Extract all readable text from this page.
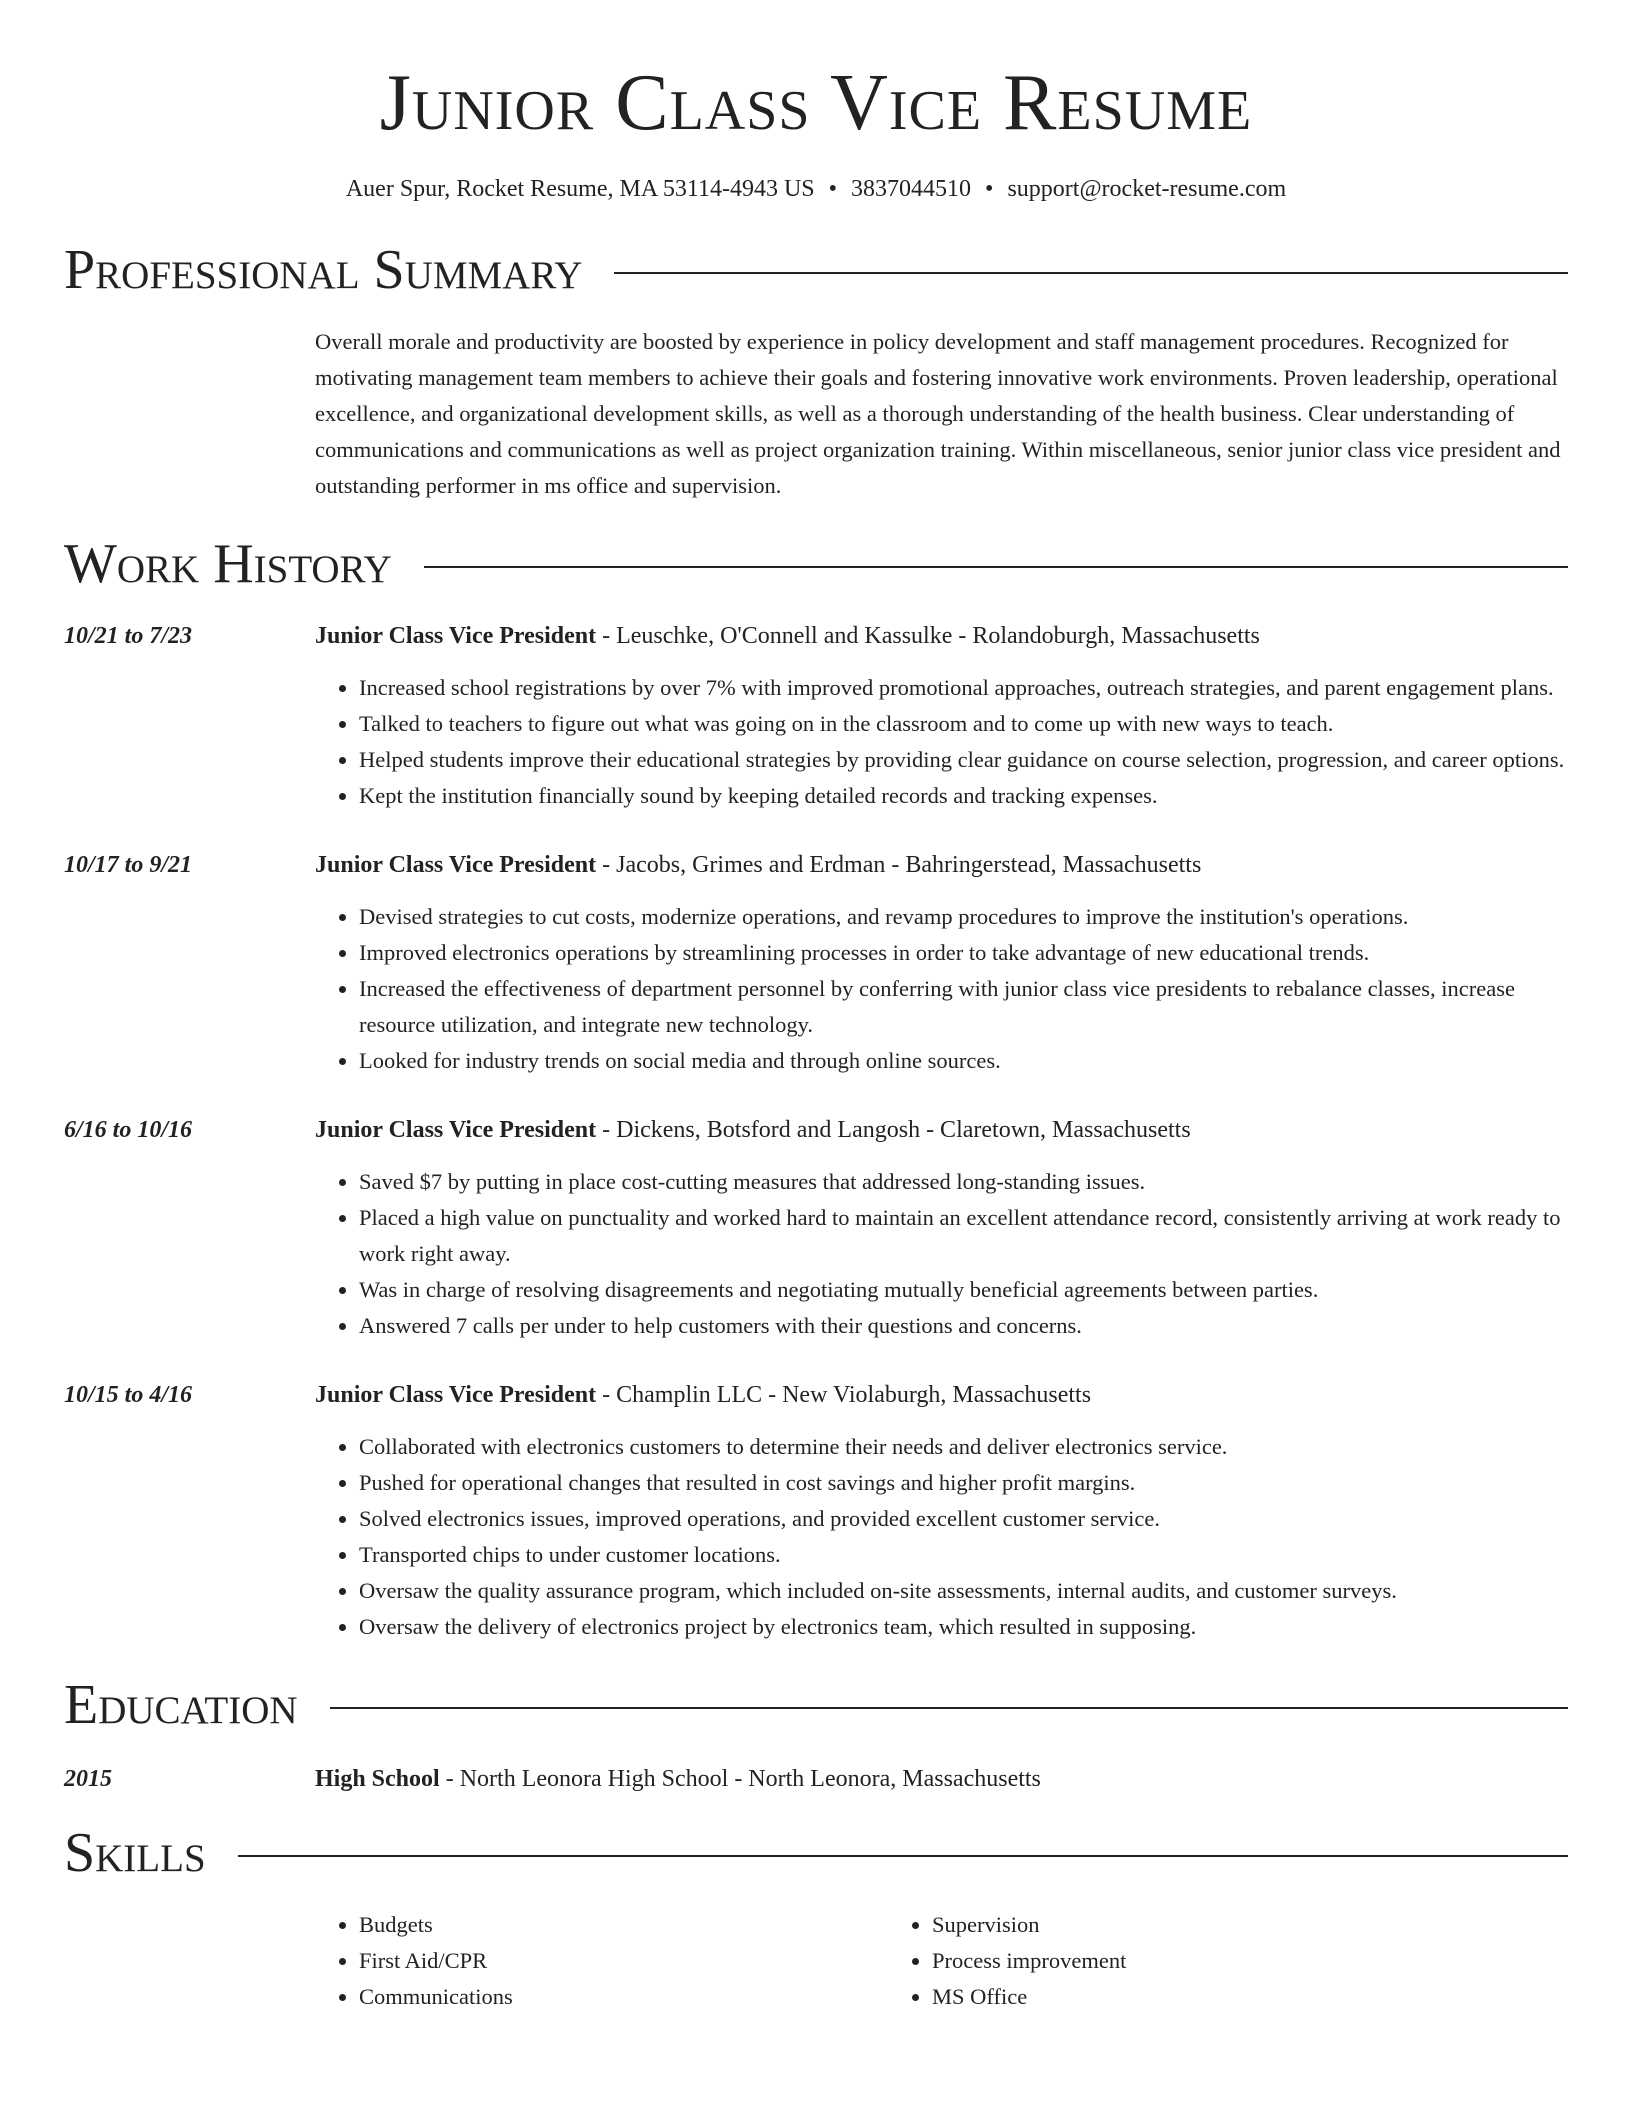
Junior Class Vice Resume
Auer Spur, Rocket Resume, MA 53114-4943 US • 3837044510 • support@rocket-resume.com
Professional Summary
Overall morale and productivity are boosted by experience in policy development and staff management procedures. Recognized for motivating management team members to achieve their goals and fostering innovative work environments. Proven leadership, operational excellence, and organizational development skills, as well as a thorough understanding of the health business. Clear understanding of communications and communications as well as project organization training. Within miscellaneous, senior junior class vice president and outstanding performer in ms office and supervision.
Work History
10/21 to 7/23	Junior Class Vice President - Leuschke, O'Connell and Kassulke - Rolandoburgh, Massachusetts
• Increased school registrations by over 7% with improved promotional approaches, outreach strategies, and parent engagement plans.
• Talked to teachers to figure out what was going on in the classroom and to come up with new ways to teach.
• Helped students improve their educational strategies by providing clear guidance on course selection, progression, and career options.
• Kept the institution financially sound by keeping detailed records and tracking expenses.
10/17 to 9/21	Junior Class Vice President - Jacobs, Grimes and Erdman - Bahringerstead, Massachusetts
• Devised strategies to cut costs, modernize operations, and revamp procedures to improve the institution's operations.
• Improved electronics operations by streamlining processes in order to take advantage of new educational trends.
• Increased the effectiveness of department personnel by conferring with junior class vice presidents to rebalance classes, increase resource utilization, and integrate new technology.
• Looked for industry trends on social media and through online sources.
6/16 to 10/16	Junior Class Vice President - Dickens, Botsford and Langosh - Claretown, Massachusetts
• Saved $7 by putting in place cost-cutting measures that addressed long-standing issues.
• Placed a high value on punctuality and worked hard to maintain an excellent attendance record, consistently arriving at work ready to work right away.
• Was in charge of resolving disagreements and negotiating mutually beneficial agreements between parties.
• Answered 7 calls per under to help customers with their questions and concerns.
10/15 to 4/16	Junior Class Vice President - Champlin LLC - New Violaburgh, Massachusetts
• Collaborated with electronics customers to determine their needs and deliver electronics service.
• Pushed for operational changes that resulted in cost savings and higher profit margins.
• Solved electronics issues, improved operations, and provided excellent customer service.
• Transported chips to under customer locations.
• Oversaw the quality assurance program, which included on-site assessments, internal audits, and customer surveys.
• Oversaw the delivery of electronics project by electronics team, which resulted in supposing.
Education
2015	High School - North Leonora High School - North Leonora, Massachusetts
Skills
• Budgets
• First Aid/CPR
• Communications
• Supervision
• Process improvement
• MS Office
